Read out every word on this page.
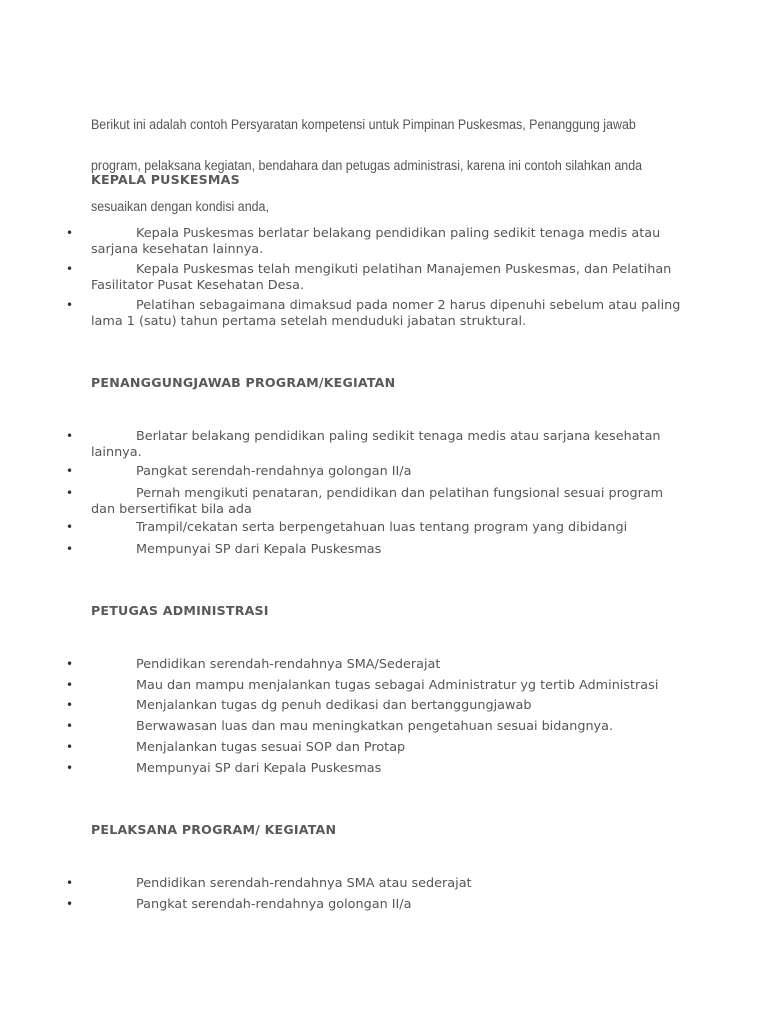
Berikut ini adalah contoh Persyaratan kompetensi untuk Pimpinan Puskesmas, Penanggung jawab

program, pelaksana kegiatan, bendahara dan petugas administrasi, karena ini contoh silahkan anda

sesuaikan dengan kondisi anda,

KEPALA PUSKESMAS
•	Kepala Puskesmas berlatar belakang pendidikan paling sedikit tenaga medis atau
sarjana kesehatan lainnya.
•	Kepala Puskesmas telah mengikuti pelatihan Manajemen Puskesmas, dan Pelatihan
Fasilitator Pusat Kesehatan Desa.
•	Pelatihan sebagaimana dimaksud pada nomer 2 harus dipenuhi sebelum atau paling
lama 1 (satu) tahun pertama setelah menduduki jabatan struktural.
PENANGGUNGJAWAB PROGRAM/KEGIATAN
•	Berlatar belakang pendidikan paling sedikit tenaga medis atau sarjana kesehatan
lainnya.
•	Pangkat serendah-rendahnya golongan II/a
•	Pernah mengikuti penataran, pendidikan dan pelatihan fungsional sesuai program
dan bersertifikat bila ada
•	Trampil/cekatan serta berpengetahuan luas tentang program yang dibidangi
•	Mempunyai SP dari Kepala Puskesmas
PETUGAS ADMINISTRASI
•	Pendidikan serendah-rendahnya SMA/Sederajat
•	Mau dan mampu menjalankan tugas sebagai Administratur yg tertib Administrasi
•	Menjalankan tugas dg penuh dedikasi dan bertanggungjawab
•	Berwawasan luas dan mau meningkatkan pengetahuan sesuai bidangnya.
•	Menjalankan tugas sesuai SOP dan Protap
•	Mempunyai SP dari Kepala Puskesmas
PELAKSANA PROGRAM/ KEGIATAN
•	Pendidikan serendah-rendahnya SMA atau sederajat
•	Pangkat serendah-rendahnya golongan II/a
